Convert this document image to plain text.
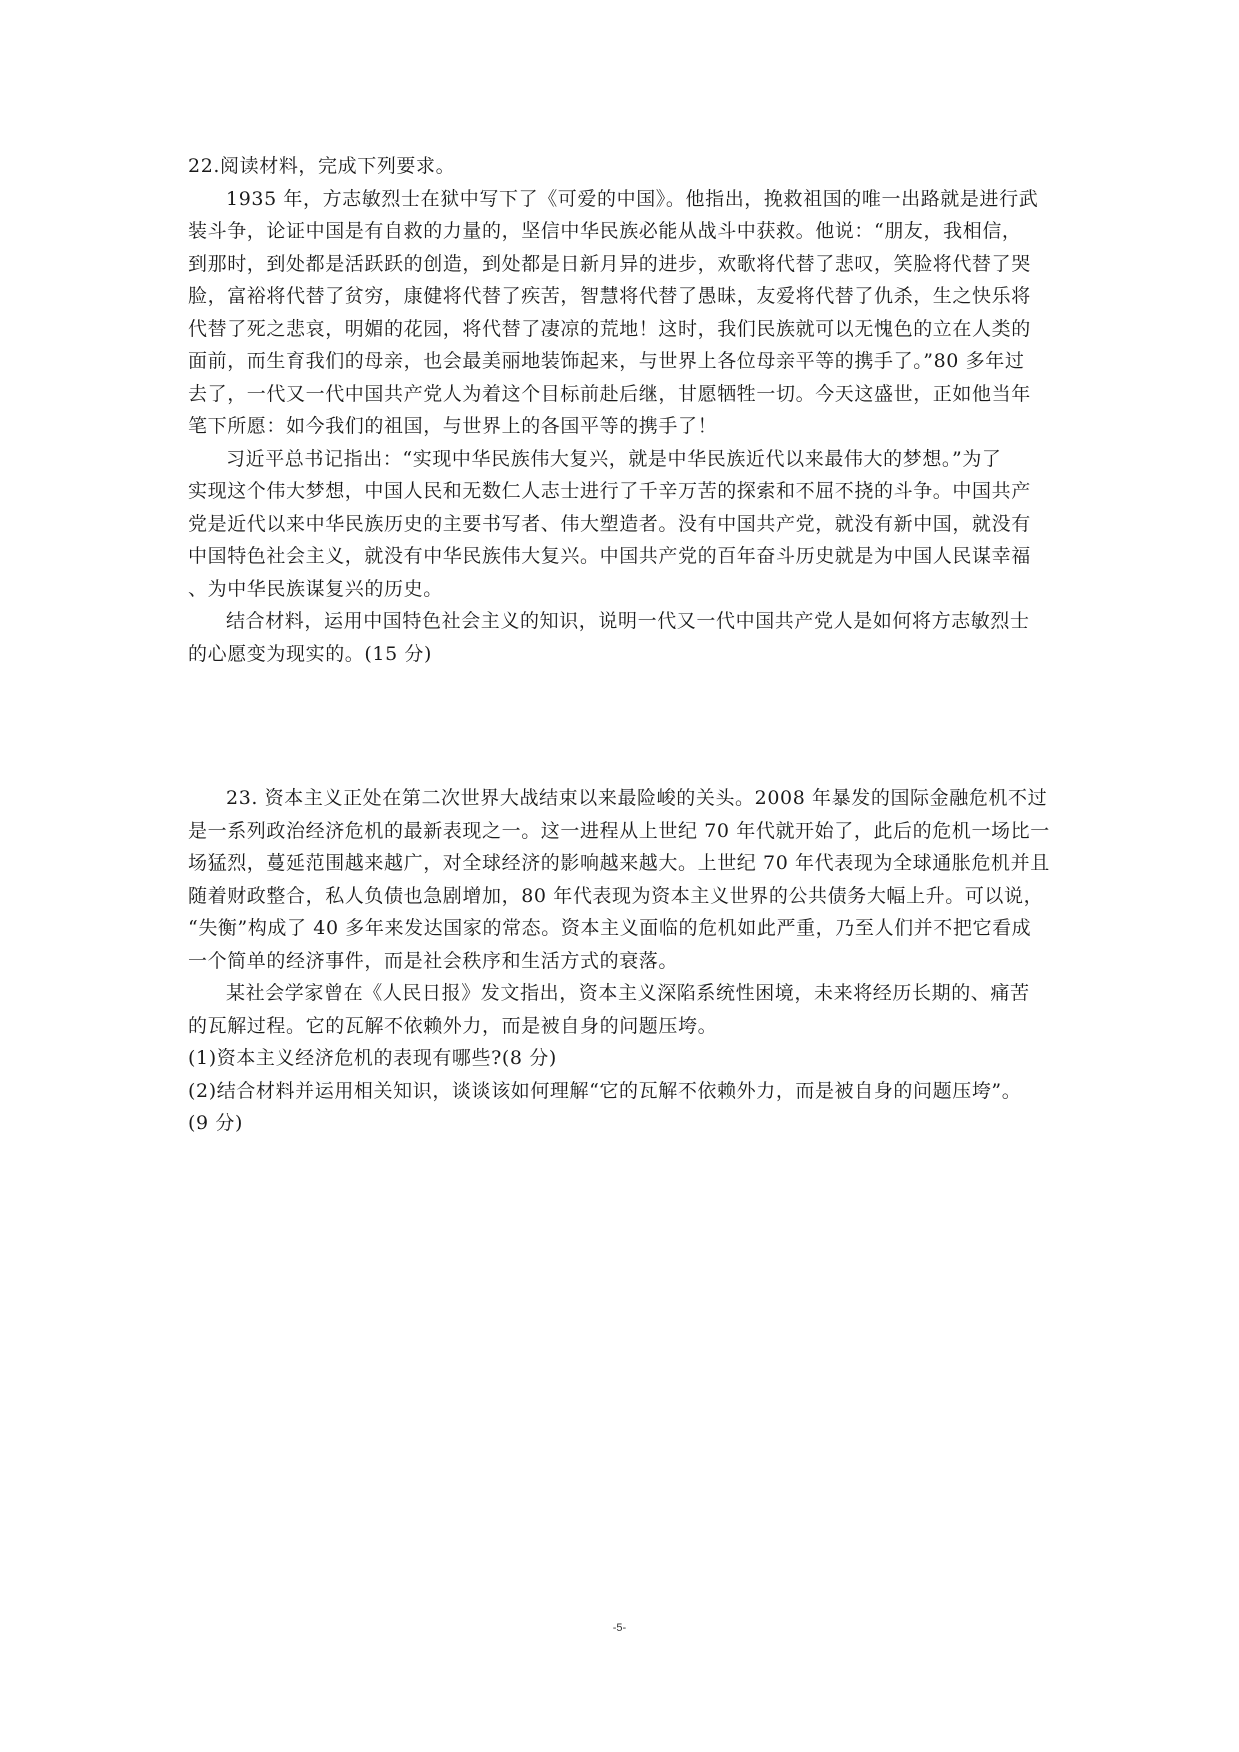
22.阅读材料，完成下列要求。

1935 年，方志敏烈士在狱中写下了《可爱的中国》。他指出，挽救祖国的唯一出路就是进行武

装斗争，论证中国是有自救的力量的，坚信中华民族必能从战斗中获救。他说：“朋友，我相信，

到那时，到处都是活跃跃的创造，到处都是日新月异的进步，欢歌将代替了悲叹，笑脸将代替了哭

脸，富裕将代替了贫穷，康健将代替了疾苦，智慧将代替了愚昧，友爱将代替了仇杀，生之快乐将

代替了死之悲哀，明媚的花园，将代替了凄凉的荒地！这时，我们民族就可以无愧色的立在人类的

面前，而生育我们的母亲，也会最美丽地装饰起来，与世界上各位母亲平等的携手了。”80 多年过

去了，一代又一代中国共产党人为着这个目标前赴后继，甘愿牺牲一切。今天这盛世，正如他当年

笔下所愿：如今我们的祖国，与世界上的各国平等的携手了！

习近平总书记指出：“实现中华民族伟大复兴，就是中华民族近代以来最伟大的梦想。”为了

实现这个伟大梦想，中国人民和无数仁人志士进行了千辛万苦的探索和不屈不挠的斗争。中国共产

党是近代以来中华民族历史的主要书写者、伟大塑造者。没有中国共产党，就没有新中国，就没有

中国特色社会主义，就没有中华民族伟大复兴。中国共产党的百年奋斗历史就是为中国人民谋幸福

、为中华民族谋复兴的历史。

结合材料，运用中国特色社会主义的知识，说明一代又一代中国共产党人是如何将方志敏烈士

的心愿变为现实的。(15 分)

23. 资本主义正处在第二次世界大战结束以来最险峻的关头。2008 年暴发的国际金融危机不过

是一系列政治经济危机的最新表现之一。这一进程从上世纪 70 年代就开始了，此后的危机一场比一

场猛烈，蔓延范围越来越广，对全球经济的影响越来越大。上世纪 70 年代表现为全球通胀危机并且

随着财政整合，私人负债也急剧增加，80 年代表现为资本主义世界的公共债务大幅上升。可以说，

“失衡”构成了 40 多年来发达国家的常态。资本主义面临的危机如此严重，乃至人们并不把它看成

一个简单的经济事件，而是社会秩序和生活方式的衰落。

某社会学家曾在《人民日报》发文指出，资本主义深陷系统性困境，未来将经历长期的、痛苦

的瓦解过程。它的瓦解不依赖外力，而是被自身的问题压垮。

(1)资本主义经济危机的表现有哪些?(8 分)

(2)结合材料并运用相关知识，谈谈该如何理解“它的瓦解不依赖外力，而是被自身的问题压垮”。

(9 分)

-5-
